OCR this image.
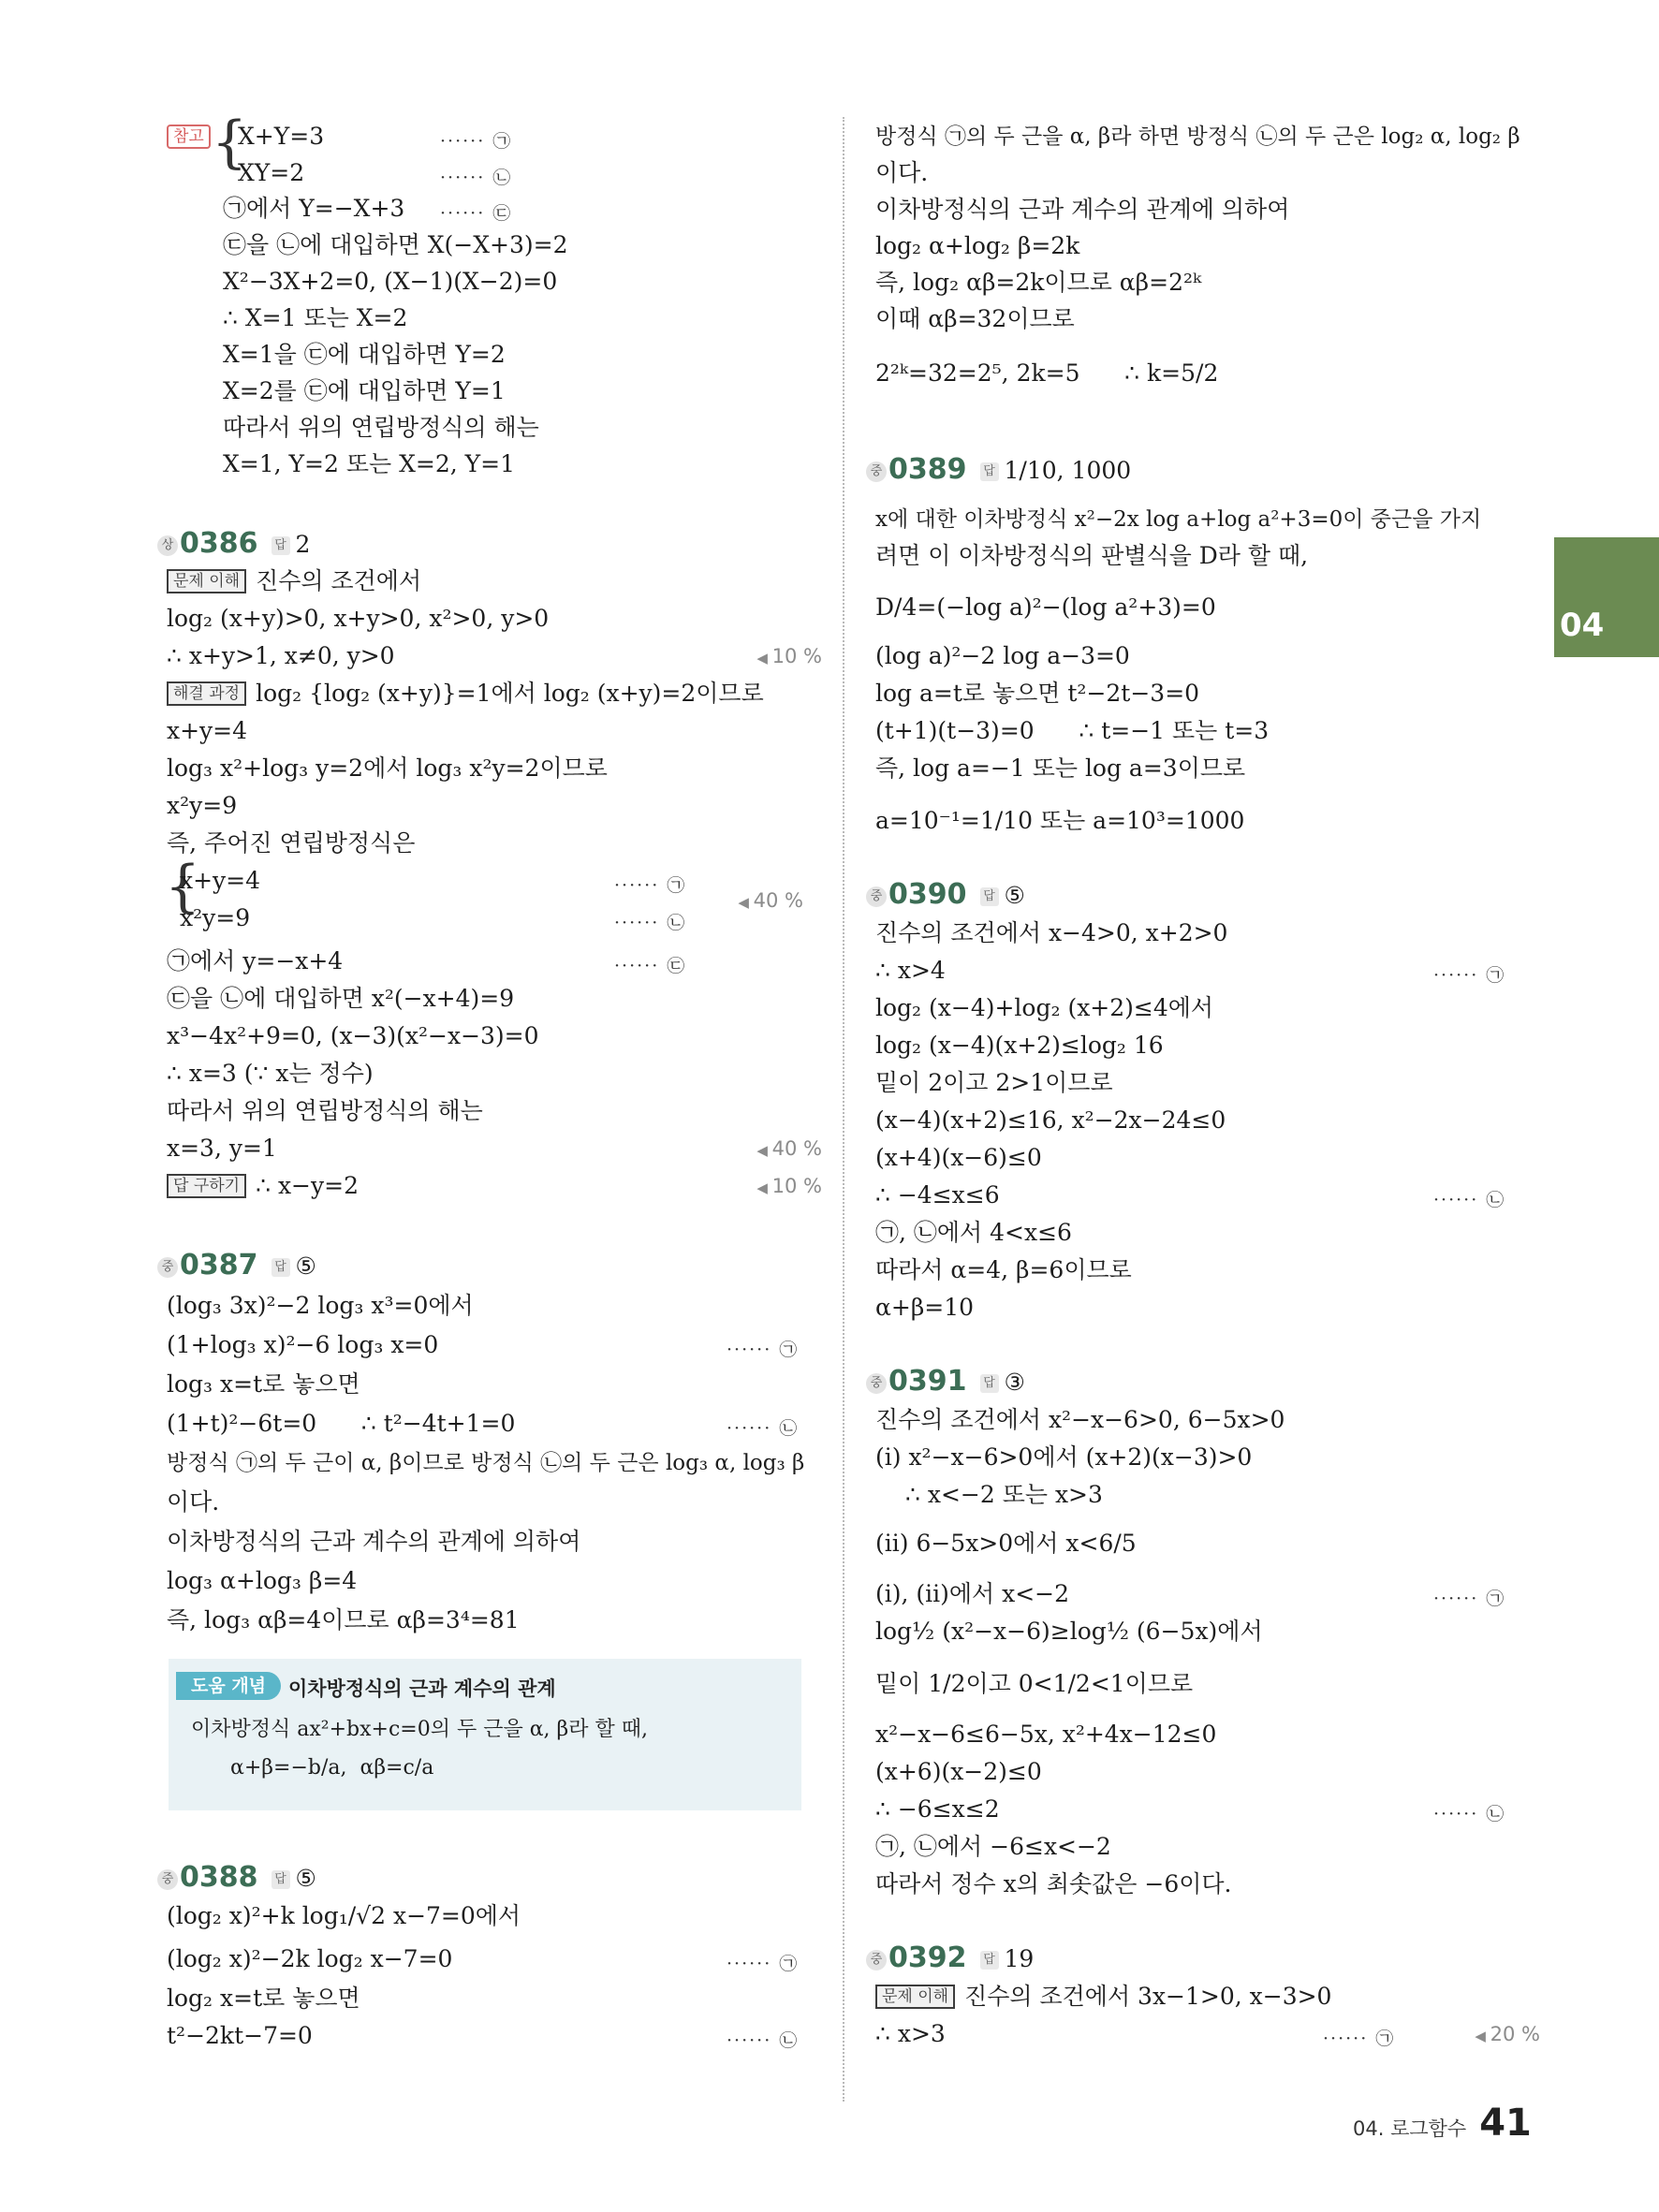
참고 {
X+Y=3	······ ㉠
XY=2	······ ㉡
㉠에서 Y=−X+3	······ ㉢
㉢을 ㉡에 대입하면 X(−X+3)=2
X²−3X+2=0, (X−1)(X−2)=0
∴ X=1 또는 X=2
X=1을 ㉢에 대입하면 Y=2
X=2를 ㉢에 대입하면 Y=1
따라서 위의 연립방정식의 해는
X=1, Y=2 또는 X=2, Y=1
상 0386 답 2
문제 이해 진수의 조건에서
log₂ (x+y)>0, x+y>0, x²>0, y>0
∴ x+y>1, x≠0, y>0	◀ 10 %
해결 과정 log₂ {log₂ (x+y)}=1에서 log₂ (x+y)=2이므로
x+y=4
log₃ x²+log₃ y=2에서 log₃ x²y=2이므로
x²y=9
즉, 주어진 연립방정식은
{
x+y=4	······ ㉠
◀ 40 %
x²y=9	······ ㉡
㉠에서 y=−x+4	······ ㉢
㉢을 ㉡에 대입하면 x²(−x+4)=9
x³−4x²+9=0, (x−3)(x²−x−3)=0
∴ x=3 (∵ x는 정수)
따라서 위의 연립방정식의 해는
x=3, y=1	◀ 40 %
답 구하기 ∴ x−y=2	◀ 10 %
중 0387 답 ⑤
(log₃ 3x)²−2 log₃ x³=0에서
(1+log₃ x)²−6 log₃ x=0	······ ㉠
log₃ x=t로 놓으면
(1+t)²−6t=0      ∴ t²−4t+1=0	······ ㉡
방정식 ㉠의 두 근이 α, β이므로 방정식 ㉡의 두 근은 log₃ α, log₃ β
이다.
이차방정식의 근과 계수의 관계에 의하여
log₃ α+log₃ β=4
즉, log₃ αβ=4이므로 αβ=3⁴=81
도움 개념	이차방정식의 근과 계수의 관계
이차방정식 ax²+bx+c=0의 두 근을 α, β라 할 때,
α+β=−b/a,  αβ=c/a
중 0388 답 ⑤
(log₂ x)²+k log₁/√2 x−7=0에서
(log₂ x)²−2k log₂ x−7=0	······ ㉠
log₂ x=t로 놓으면
t²−2kt−7=0	······ ㉡
방정식 ㉠의 두 근을 α, β라 하면 방정식 ㉡의 두 근은 log₂ α, log₂ β
이다.
이차방정식의 근과 계수의 관계에 의하여
log₂ α+log₂ β=2k
즉, log₂ αβ=2k이므로 αβ=2²ᵏ
이때 αβ=32이므로
2²ᵏ=32=2⁵, 2k=5      ∴ k=5/2
중 0389 답 1/10, 1000
x에 대한 이차방정식 x²−2x log a+log a²+3=0이 중근을 가지
려면 이 이차방정식의 판별식을 D라 할 때,
D/4=(−log a)²−(log a²+3)=0
(log a)²−2 log a−3=0
log a=t로 놓으면 t²−2t−3=0
(t+1)(t−3)=0      ∴ t=−1 또는 t=3
즉, log a=−1 또는 log a=3이므로
a=10⁻¹=1/10 또는 a=10³=1000
중 0390 답 ⑤
진수의 조건에서 x−4>0, x+2>0
∴ x>4	······ ㉠
log₂ (x−4)+log₂ (x+2)≤4에서
log₂ (x−4)(x+2)≤log₂ 16
밑이 2이고 2>1이므로
(x−4)(x+2)≤16, x²−2x−24≤0
(x+4)(x−6)≤0
∴ −4≤x≤6	······ ㉡
㉠, ㉡에서 4<x≤6
따라서 α=4, β=6이므로
α+β=10
중 0391 답 ③
진수의 조건에서 x²−x−6>0, 6−5x>0
(i) x²−x−6>0에서 (x+2)(x−3)>0
∴ x<−2 또는 x>3
(ii) 6−5x>0에서 x<6/5
(i), (ii)에서 x<−2	······ ㉠
log½ (x²−x−6)≥log½ (6−5x)에서
밑이 1/2이고 0<1/2<1이므로
x²−x−6≤6−5x, x²+4x−12≤0
(x+6)(x−2)≤0
∴ −6≤x≤2	······ ㉡
㉠, ㉡에서 −6≤x<−2
따라서 정수 x의 최솟값은 −6이다.
중 0392 답 19
문제 이해 진수의 조건에서 3x−1>0, x−3>0
∴ x>3	◀ 20 %
······ ㉠
04
04. 로그함수 41
